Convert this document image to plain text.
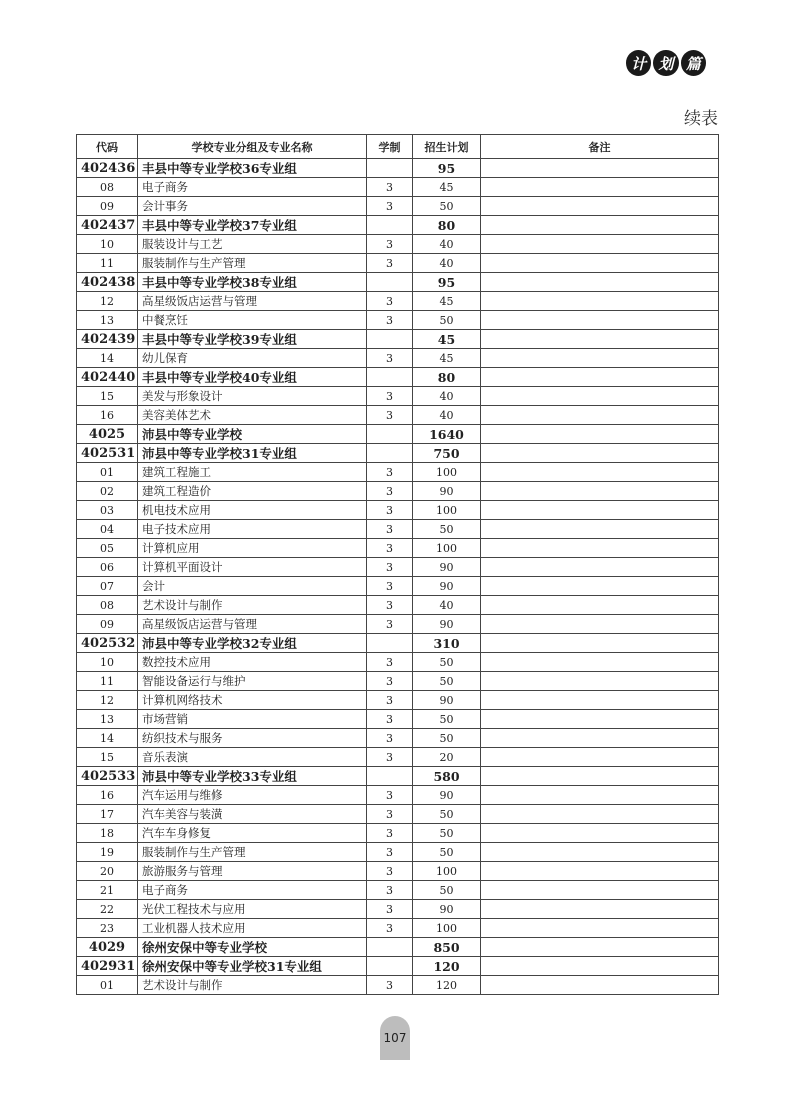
计 划 篇
续表
代码	学校专业分组及专业名称	学制	招生计划	备注
402436	丰县中等专业学校36专业组		95	
08	电子商务	3	45	
09	会计事务	3	50	
402437	丰县中等专业学校37专业组		80	
10	服装设计与工艺	3	40	
11	服装制作与生产管理	3	40	
402438	丰县中等专业学校38专业组		95	
12	高星级饭店运营与管理	3	45	
13	中餐烹饪	3	50	
402439	丰县中等专业学校39专业组		45	
14	幼儿保育	3	45	
402440	丰县中等专业学校40专业组		80	
15	美发与形象设计	3	40	
16	美容美体艺术	3	40	
4025	沛县中等专业学校		1640	
402531	沛县中等专业学校31专业组		750	
01	建筑工程施工	3	100	
02	建筑工程造价	3	90	
03	机电技术应用	3	100	
04	电子技术应用	3	50	
05	计算机应用	3	100	
06	计算机平面设计	3	90	
07	会计	3	90	
08	艺术设计与制作	3	40	
09	高星级饭店运营与管理	3	90	
402532	沛县中等专业学校32专业组		310	
10	数控技术应用	3	50	
11	智能设备运行与维护	3	50	
12	计算机网络技术	3	90	
13	市场营销	3	50	
14	纺织技术与服务	3	50	
15	音乐表演	3	20	
402533	沛县中等专业学校33专业组		580	
16	汽车运用与维修	3	90	
17	汽车美容与装潢	3	50	
18	汽车车身修复	3	50	
19	服装制作与生产管理	3	50	
20	旅游服务与管理	3	100	
21	电子商务	3	50	
22	光伏工程技术与应用	3	90	
23	工业机器人技术应用	3	100	
4029	徐州安保中等专业学校		850	
402931	徐州安保中等专业学校31专业组		120	
01	艺术设计与制作	3	120	
107
